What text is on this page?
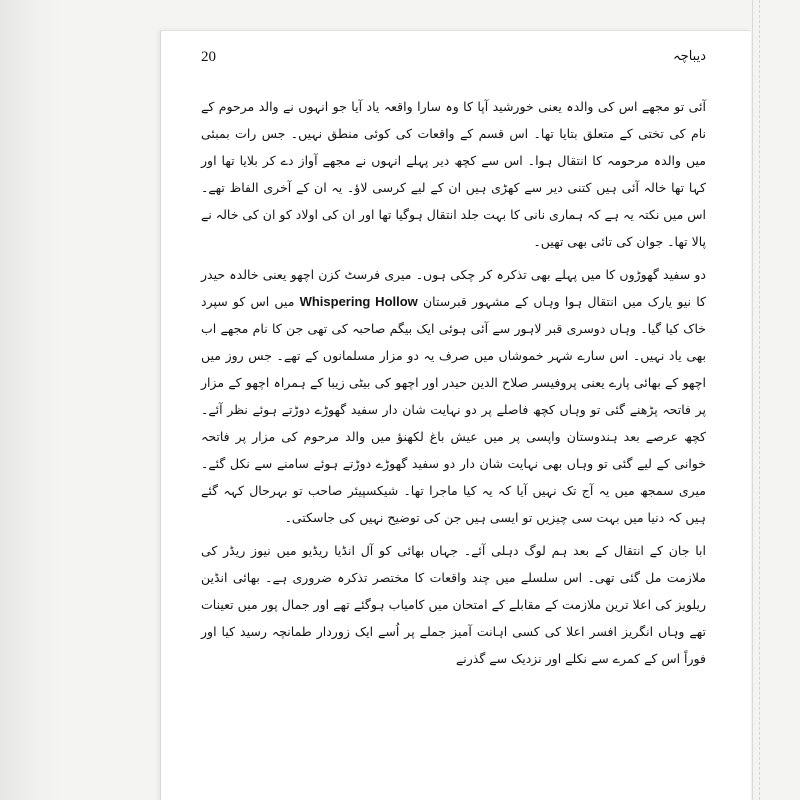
20	دیباچہ

آئی تو مجھے اس کی والدہ یعنی خورشید آپا کا وہ سارا واقعہ یاد آیا جو انہوں نے والد مرحوم کے نام کی تختی کے متعلق بتایا تھا۔ اس قسم کے واقعات کی کوئی منطق نہیں۔ جس رات بمبئی میں والدہ مرحومہ کا انتقال ہوا۔ اس سے کچھ دیر پہلے انہوں نے مجھے آواز دے کر بلایا تھا اور کہا تھا خالہ آئی ہیں کتنی دیر سے کھڑی ہیں ان کے لیے کرسی لاؤ۔ یہ ان کے آخری الفاظ تھے۔ اس میں نکتہ یہ ہے کہ ہماری نانی کا بہت جلد انتقال ہوگیا تھا اور ان کی اولاد کو ان کی خالہ نے پالا تھا۔ جوان کی تائی بھی تھیں۔

دو سفید گھوڑوں کا میں پہلے بھی تذکرہ کر چکی ہوں۔ میری فرسٹ کزن اچھو یعنی خالدہ حیدر کا نیو یارک میں انتقال ہوا وہاں کے مشہور قبرستان Whispering Hollow میں اس کو سپرد خاک کیا گیا۔ وہاں دوسری قبر لاہور سے آئی ہوئی ایک بیگم صاحبہ کی تھی جن کا نام مجھے اب بھی یاد نہیں۔ اس سارے شہر خموشاں میں صرف یہ دو مزار مسلمانوں کے تھے۔ جس روز میں اچھو کے بھائی پارے یعنی پروفیسر صلاح الدین حیدر اور اچھو کی بیٹی زیبا کے ہمراہ اچھو کے مزار پر فاتحہ پڑھنے گئی تو وہاں کچھ فاصلے پر دو نہایت شان دار سفید گھوڑے دوڑتے ہوئے نظر آئے۔ کچھ عرصے بعد ہندوستان واپسی پر میں عیش باغ لکھنؤ میں والد مرحوم کی مزار پر فاتحہ خوانی کے لیے گئی تو وہاں بھی نہایت شان دار دو سفید گھوڑے دوڑتے ہوئے سامنے سے نکل گئے۔ میری سمجھ میں یہ آج تک نہیں آیا کہ یہ کیا ماجرا تھا۔ شیکسپیئر صاحب تو بہرحال کہہ گئے ہیں کہ دنیا میں بہت سی چیزیں تو ایسی ہیں جن کی توضیح نہیں کی جاسکتی۔

ابا جان کے انتقال کے بعد ہم لوگ دہلی آئے۔ جہاں بھائی کو آل انڈیا ریڈیو میں نیوز ریڈر کی ملازمت مل گئی تھی۔ اس سلسلے میں چند واقعات کا مختصر تذکرہ ضروری ہے۔ بھائی انڈین ریلویز کی اعلا ترین ملازمت کے مقابلے کے امتحان میں کامیاب ہوگئے تھے اور جمال پور میں تعینات تھے وہاں انگریز افسر اعلا کی کسی اہانت آمیز جملے پر اُسے ایک زوردار طمانچہ رسید کیا اور فوراً اس کے کمرے سے نکلے اور نزدیک سے گذرنے
